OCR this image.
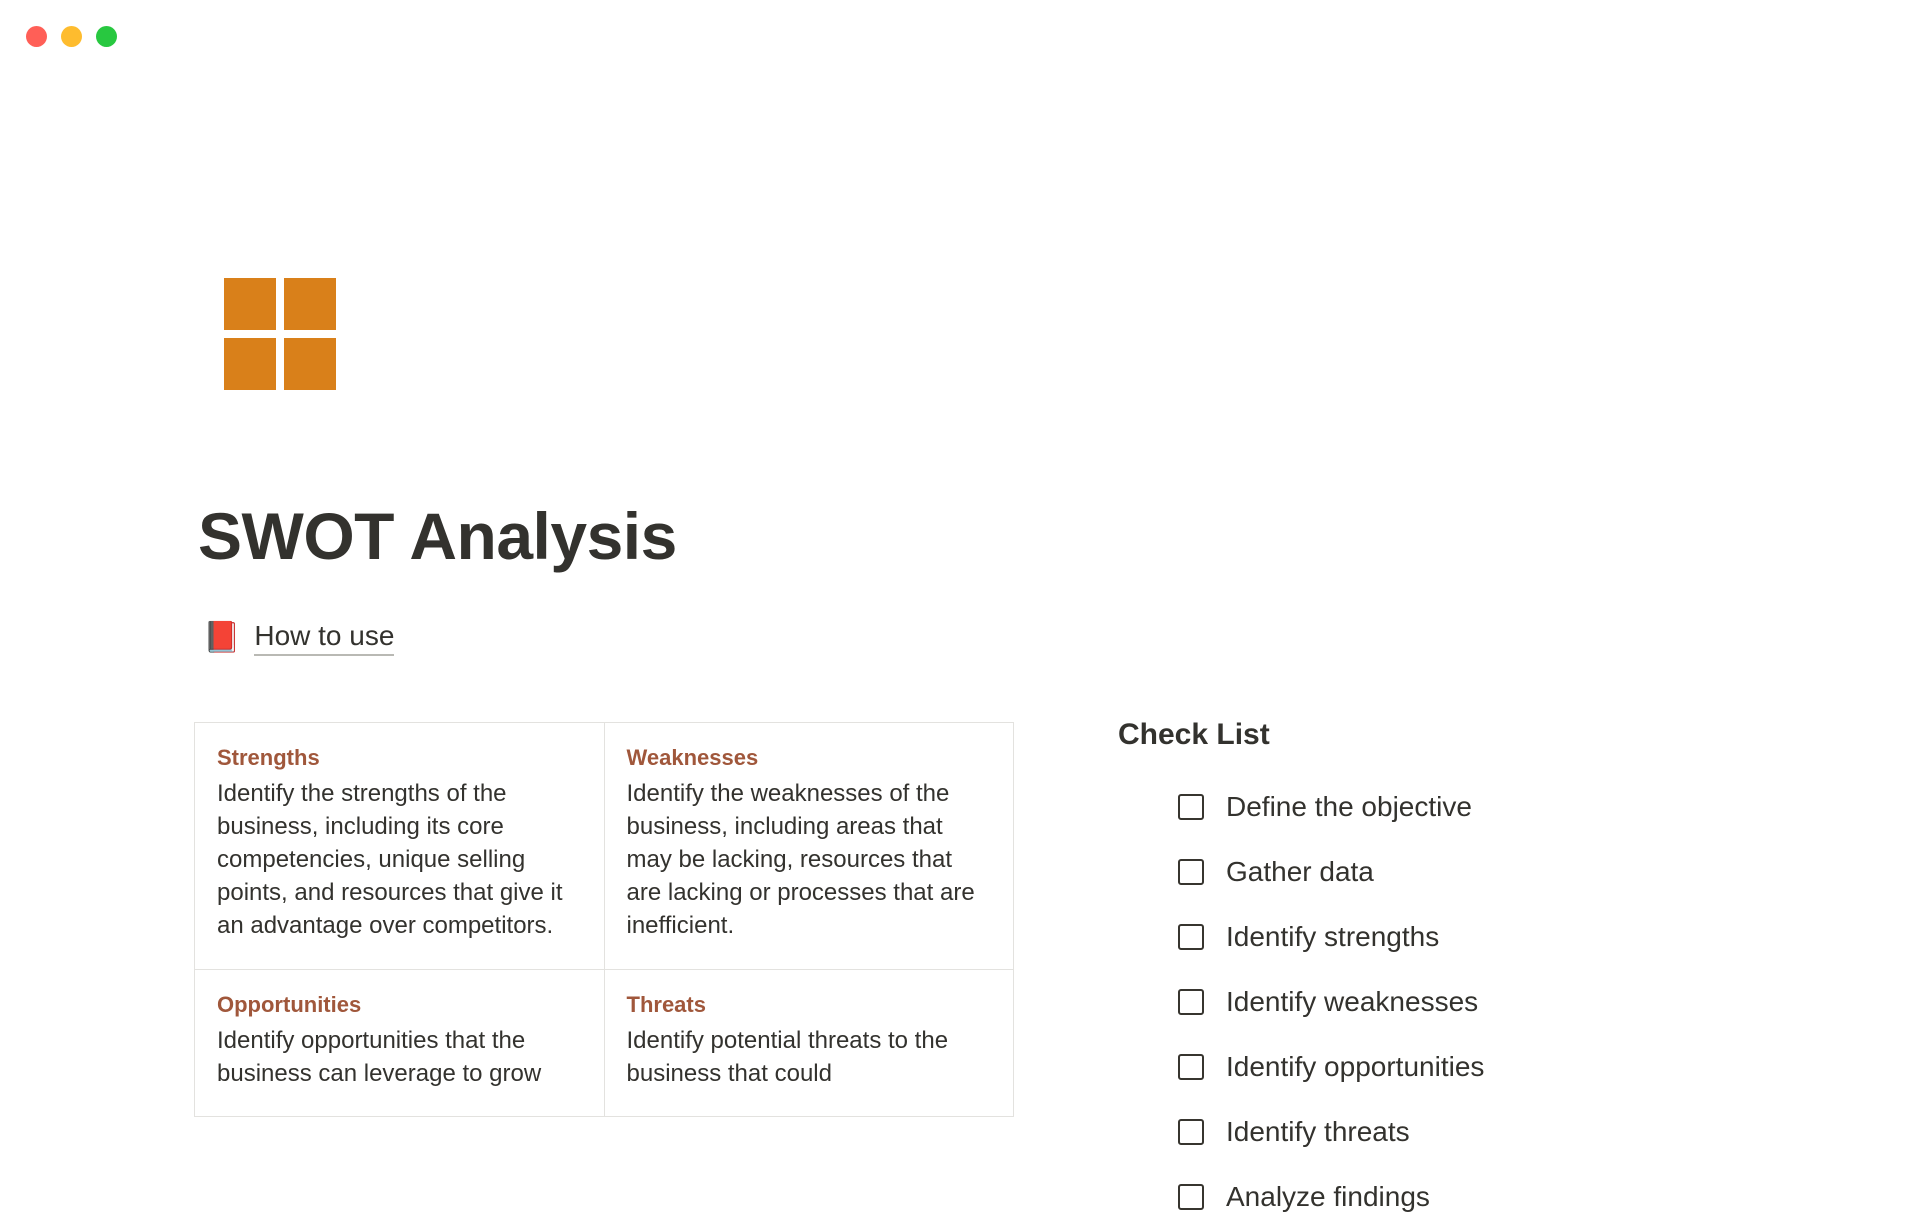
SWOT Analysis
📕 How to use
Strengths
Identify the strengths of the business, including its core competencies, unique selling points, and resources that give it an advantage over competitors.
Weaknesses
Identify the weaknesses of the business, including areas that may be lacking, resources that are lacking or processes that are inefficient.
Opportunities
Identify opportunities that the business can leverage to grow
Threats
Identify potential threats to the business that could
Check List
Define the objective
Gather data
Identify strengths
Identify weaknesses
Identify opportunities
Identify threats
Analyze findings
